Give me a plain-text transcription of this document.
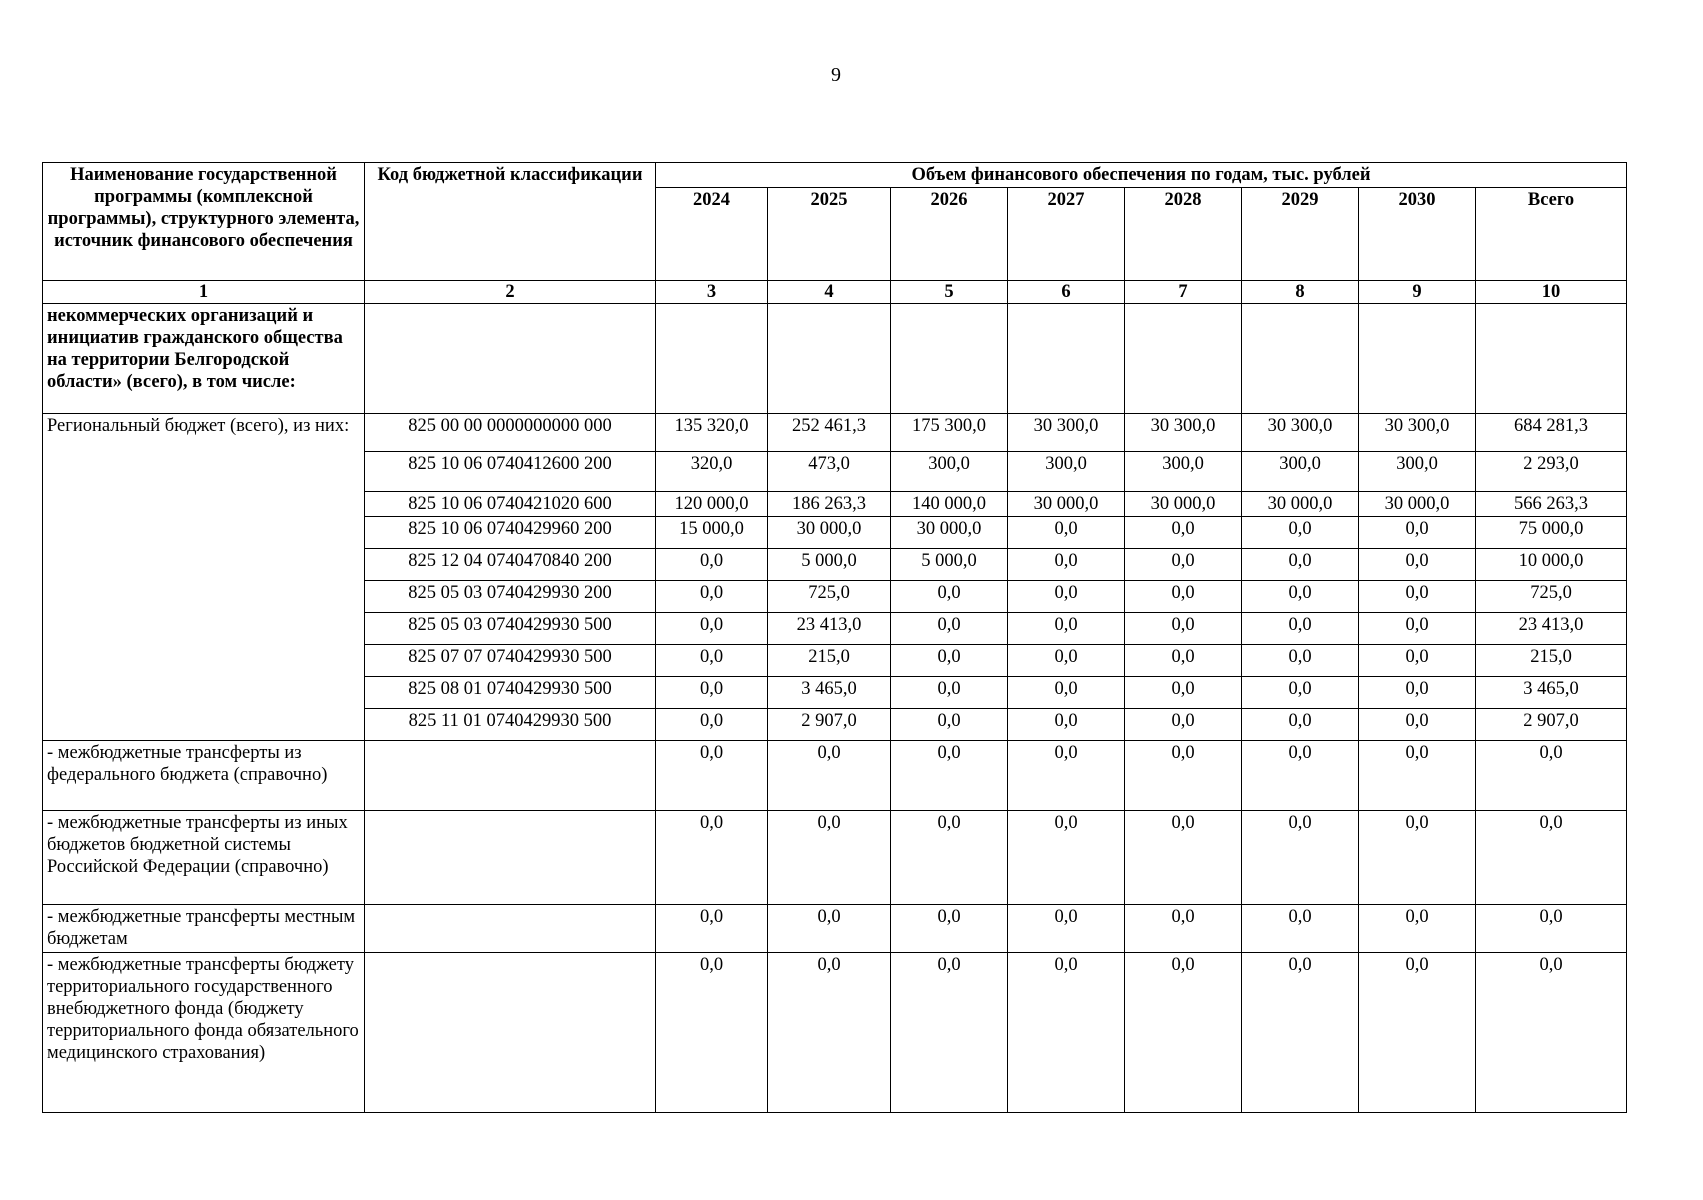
9
Наименование государственной программы (комплексной программы), структурного элемента, источник финансового обеспечения	Код бюджетной классификации	Объем финансового обеспечения по годам, тыс. рублей							
		2024	2025	2026	2027	2028	2029	2030	Всего
1	2	3	4	5	6	7	8	9	10
некоммерческих организаций и инициатив гражданского общества на территории Белгородской области» (всего), в том числе:									
Региональный бюджет (всего), из них:	825 00 00 0000000000 000	135 320,0	252 461,3	175 300,0	30 300,0	30 300,0	30 300,0	30 300,0	684 281,3
	825 10 06 0740412600 200	320,0	473,0	300,0	300,0	300,0	300,0	300,0	2 293,0
	825 10 06 0740421020 600	120 000,0	186 263,3	140 000,0	30 000,0	30 000,0	30 000,0	30 000,0	566 263,3
	825 10 06 0740429960 200	15 000,0	30 000,0	30 000,0	0,0	0,0	0,0	0,0	75 000,0
	825 12 04 0740470840 200	0,0	5 000,0	5 000,0	0,0	0,0	0,0	0,0	10 000,0
	825 05 03 0740429930 200	0,0	725,0	0,0	0,0	0,0	0,0	0,0	725,0
	825 05 03 0740429930 500	0,0	23 413,0	0,0	0,0	0,0	0,0	0,0	23 413,0
	825 07 07 0740429930 500	0,0	215,0	0,0	0,0	0,0	0,0	0,0	215,0
	825 08 01 0740429930 500	0,0	3 465,0	0,0	0,0	0,0	0,0	0,0	3 465,0
	825 11 01 0740429930 500	0,0	2 907,0	0,0	0,0	0,0	0,0	0,0	2 907,0
- межбюджетные трансферты из федерального бюджета (справочно)		0,0	0,0	0,0	0,0	0,0	0,0	0,0	0,0
- межбюджетные трансферты из иных бюджетов бюджетной системы Российской Федерации (справочно)		0,0	0,0	0,0	0,0	0,0	0,0	0,0	0,0
- межбюджетные трансферты местным бюджетам		0,0	0,0	0,0	0,0	0,0	0,0	0,0	0,0
- межбюджетные трансферты бюджету территориального государственного внебюджетного фонда (бюджету территориального фонда обязательного медицинского страхования)		0,0	0,0	0,0	0,0	0,0	0,0	0,0	0,0
